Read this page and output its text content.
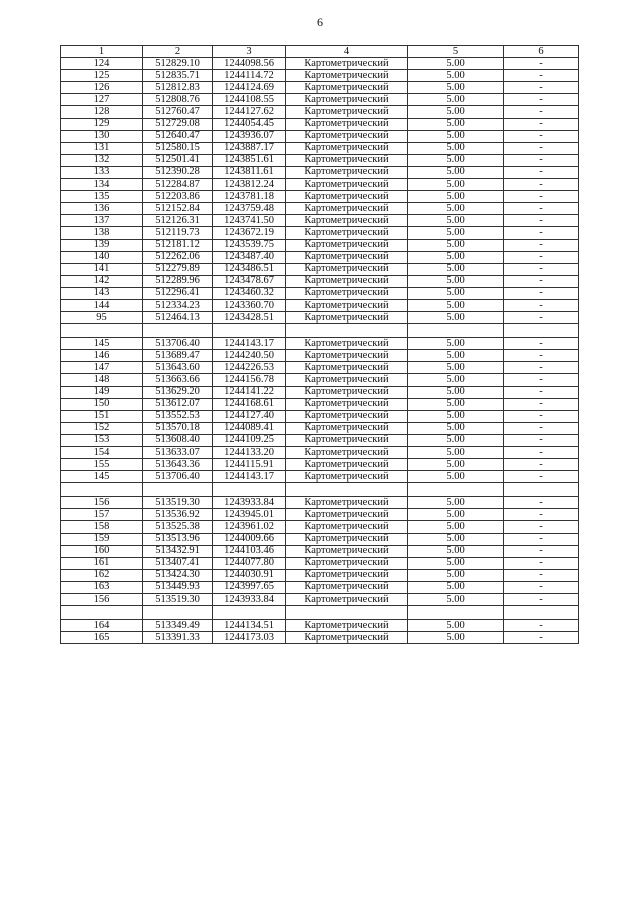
6
1	2	3	4	5	6
124	512829.10	1244098.56	Картометрический	5.00	-
125	512835.71	1244114.72	Картометрический	5.00	-
126	512812.83	1244124.69	Картометрический	5.00	-
127	512808.76	1244108.55	Картометрический	5.00	-
128	512760.47	1244127.62	Картометрический	5.00	-
129	512729.08	1244054.45	Картометрический	5.00	-
130	512640.47	1243936.07	Картометрический	5.00	-
131	512580.15	1243887.17	Картометрический	5.00	-
132	512501.41	1243851.61	Картометрический	5.00	-
133	512390.28	1243811.61	Картометрический	5.00	-
134	512284.87	1243812.24	Картометрический	5.00	-
135	512203.86	1243781.18	Картометрический	5.00	-
136	512152.84	1243759.48	Картометрический	5.00	-
137	512126.31	1243741.50	Картометрический	5.00	-
138	512119.73	1243672.19	Картометрический	5.00	-
139	512181.12	1243539.75	Картометрический	5.00	-
140	512262.06	1243487.40	Картометрический	5.00	-
141	512279.89	1243486.51	Картометрический	5.00	-
142	512289.96	1243478.67	Картометрический	5.00	-
143	512296.41	1243460.32	Картометрический	5.00	-
144	512334.23	1243360.70	Картометрический	5.00	-
95	512464.13	1243428.51	Картометрический	5.00	-

145	513706.40	1244143.17	Картометрический	5.00	-
146	513689.47	1244240.50	Картометрический	5.00	-
147	513643.60	1244226.53	Картометрический	5.00	-
148	513663.66	1244156.78	Картометрический	5.00	-
149	513629.20	1244141.22	Картометрический	5.00	-
150	513612.07	1244168.61	Картометрический	5.00	-
151	513552.53	1244127.40	Картометрический	5.00	-
152	513570.18	1244089.41	Картометрический	5.00	-
153	513608.40	1244109.25	Картометрический	5.00	-
154	513633.07	1244133.20	Картометрический	5.00	-
155	513643.36	1244115.91	Картометрический	5.00	-
145	513706.40	1244143.17	Картометрический	5.00	-

156	513519.30	1243933.84	Картометрический	5.00	-
157	513536.92	1243945.01	Картометрический	5.00	-
158	513525.38	1243961.02	Картометрический	5.00	-
159	513513.96	1244009.66	Картометрический	5.00	-
160	513432.91	1244103.46	Картометрический	5.00	-
161	513407.41	1244077.80	Картометрический	5.00	-
162	513424.30	1244030.91	Картометрический	5.00	-
163	513449.93	1243997.65	Картометрический	5.00	-
156	513519.30	1243933.84	Картометрический	5.00	-

164	513349.49	1244134.51	Картометрический	5.00	-
165	513391.33	1244173.03	Картометрический	5.00	-
